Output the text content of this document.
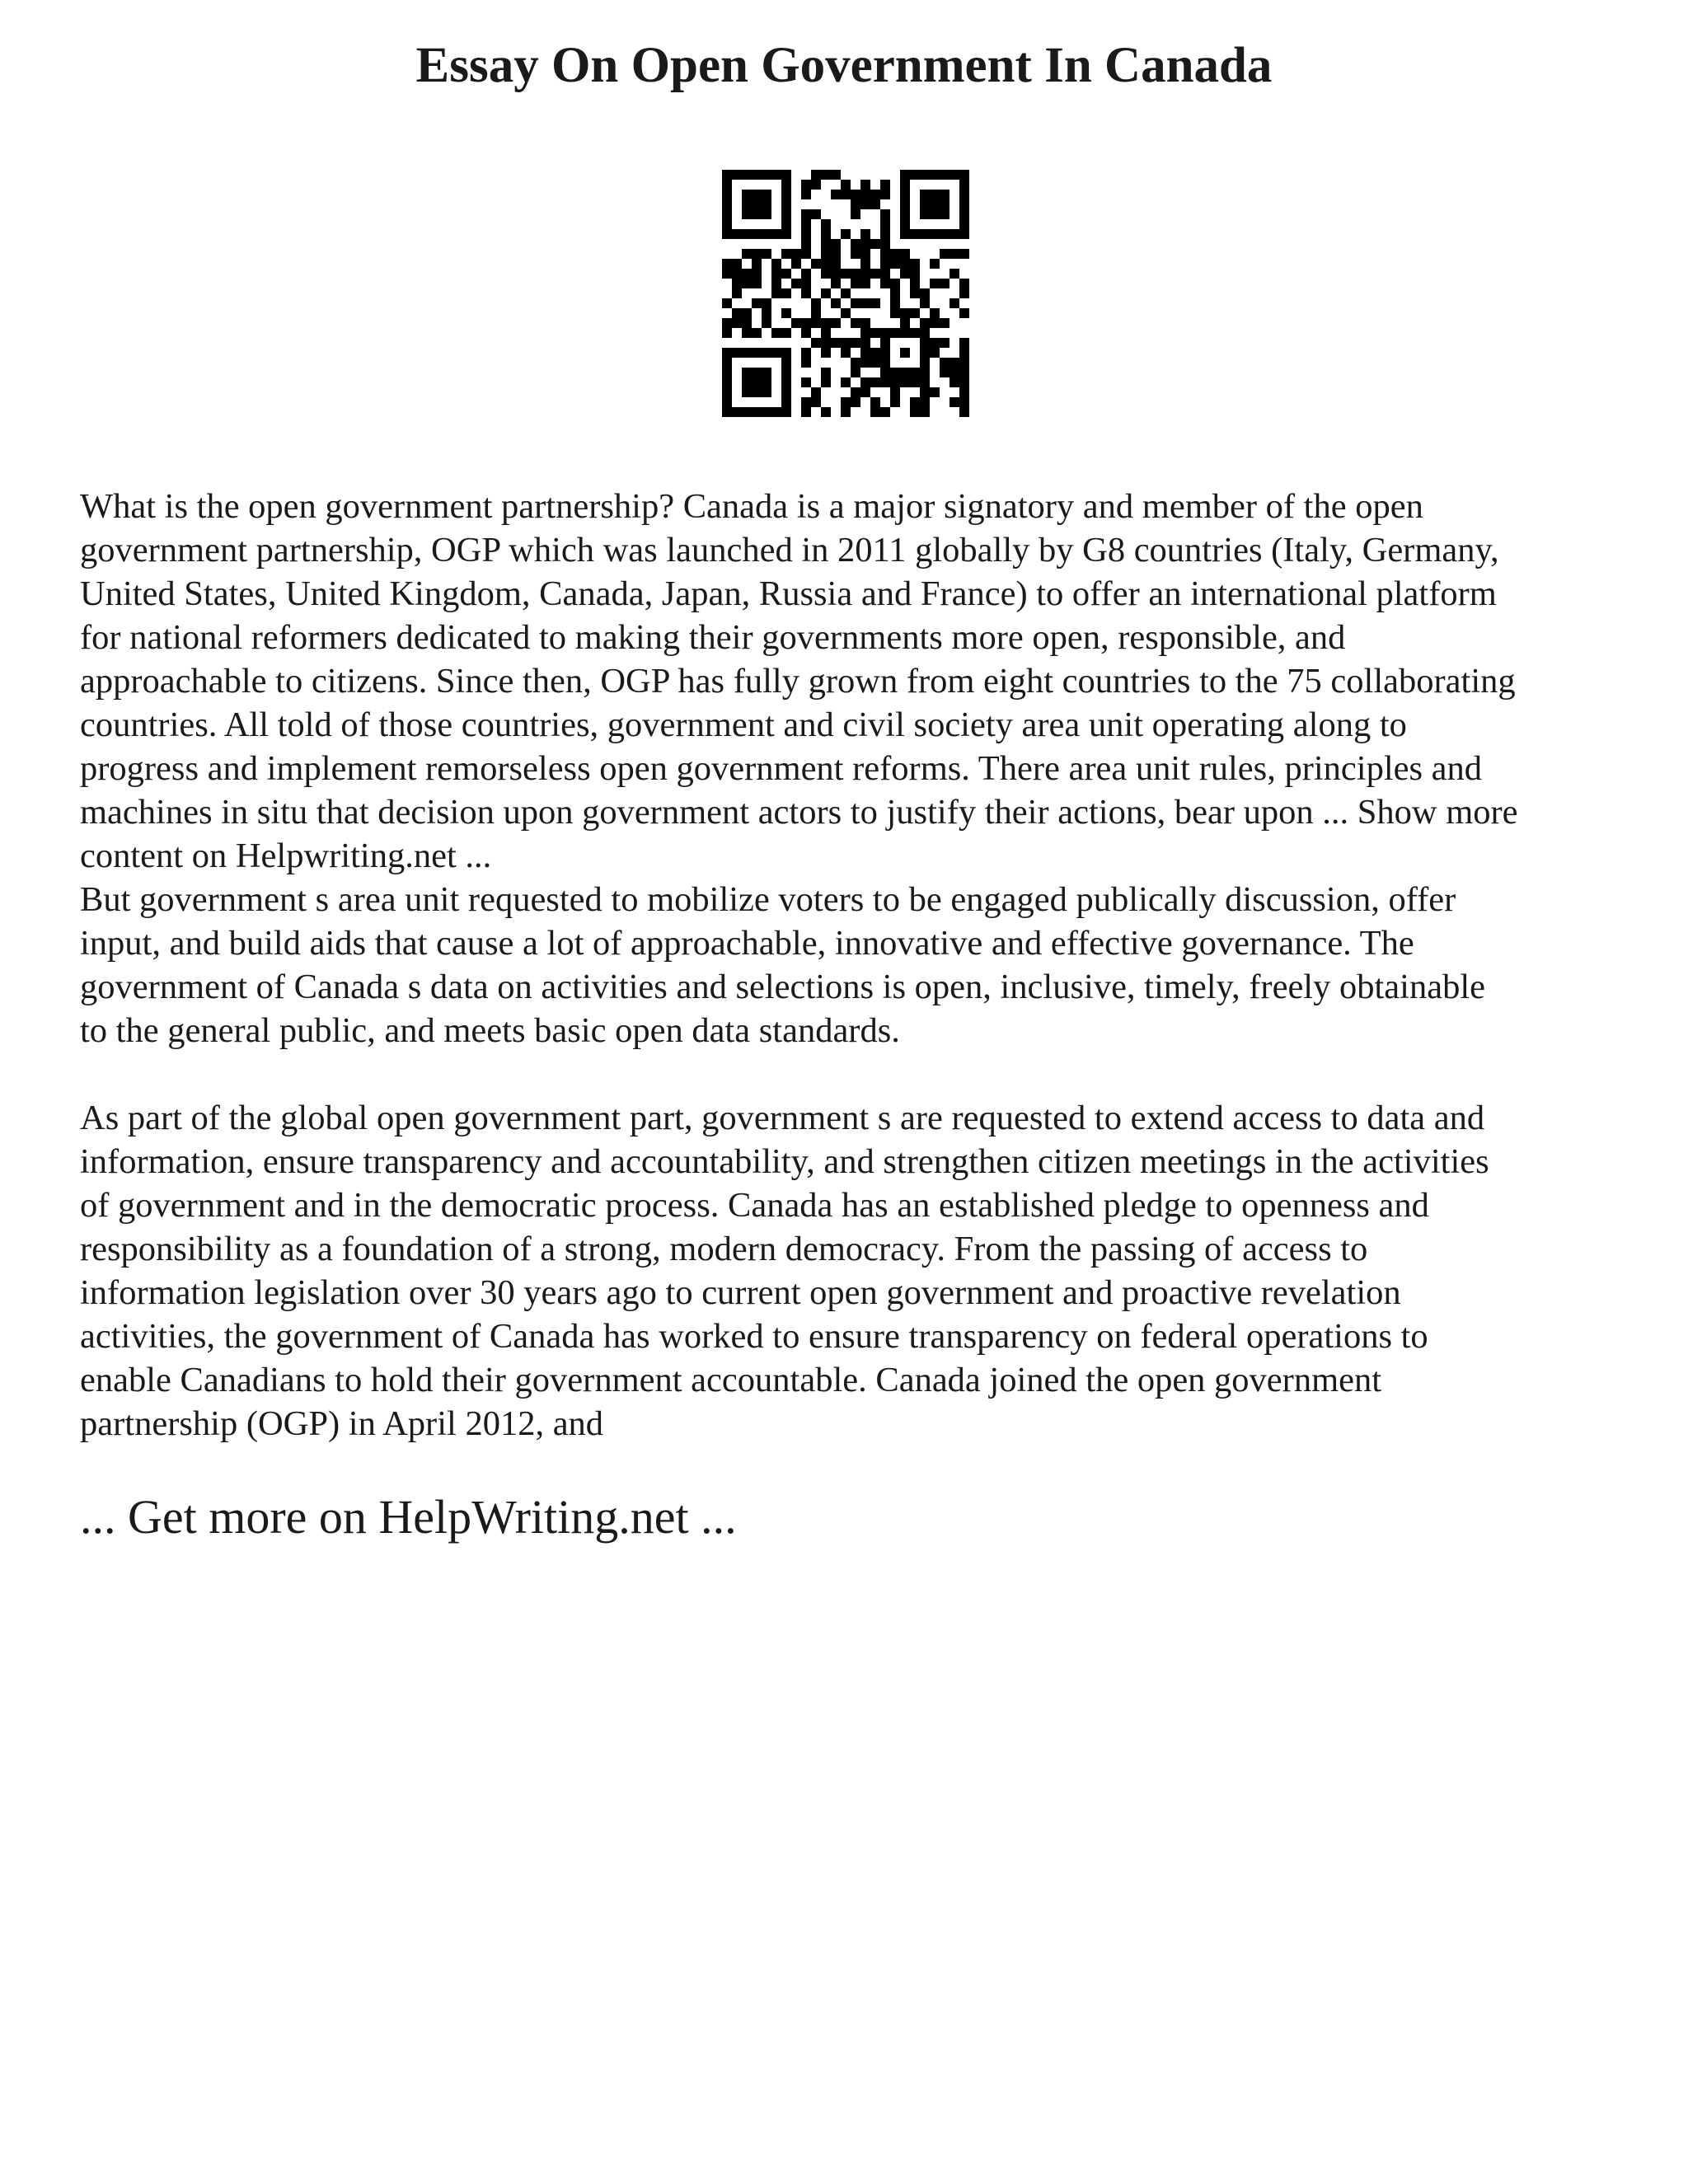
Essay On Open Government In Canada

What is the open government partnership? Canada is a major signatory and member of the open
government partnership, OGP which was launched in 2011 globally by G8 countries (Italy, Germany,
United States, United Kingdom, Canada, Japan, Russia and France) to offer an international platform
for national reformers dedicated to making their governments more open, responsible, and
approachable to citizens. Since then, OGP has fully grown from eight countries to the 75 collaborating
countries. All told of those countries, government and civil society area unit operating along to
progress and implement remorseless open government reforms. There area unit rules, principles and
machines in situ that decision upon government actors to justify their actions, bear upon ... Show more
content on Helpwriting.net ...

But government s area unit requested to mobilize voters to be engaged publically discussion, offer
input, and build aids that cause a lot of approachable, innovative and effective governance. The
government of Canada s data on activities and selections is open, inclusive, timely, freely obtainable
to the general public, and meets basic open data standards.

As part of the global open government part, government s are requested to extend access to data and
information, ensure transparency and accountability, and strengthen citizen meetings in the activities
of government and in the democratic process. Canada has an established pledge to openness and
responsibility as a foundation of a strong, modern democracy. From the passing of access to
information legislation over 30 years ago to current open government and proactive revelation
activities, the government of Canada has worked to ensure transparency on federal operations to
enable Canadians to hold their government accountable. Canada joined the open government
partnership (OGP) in April 2012, and

... Get more on HelpWriting.net ...
